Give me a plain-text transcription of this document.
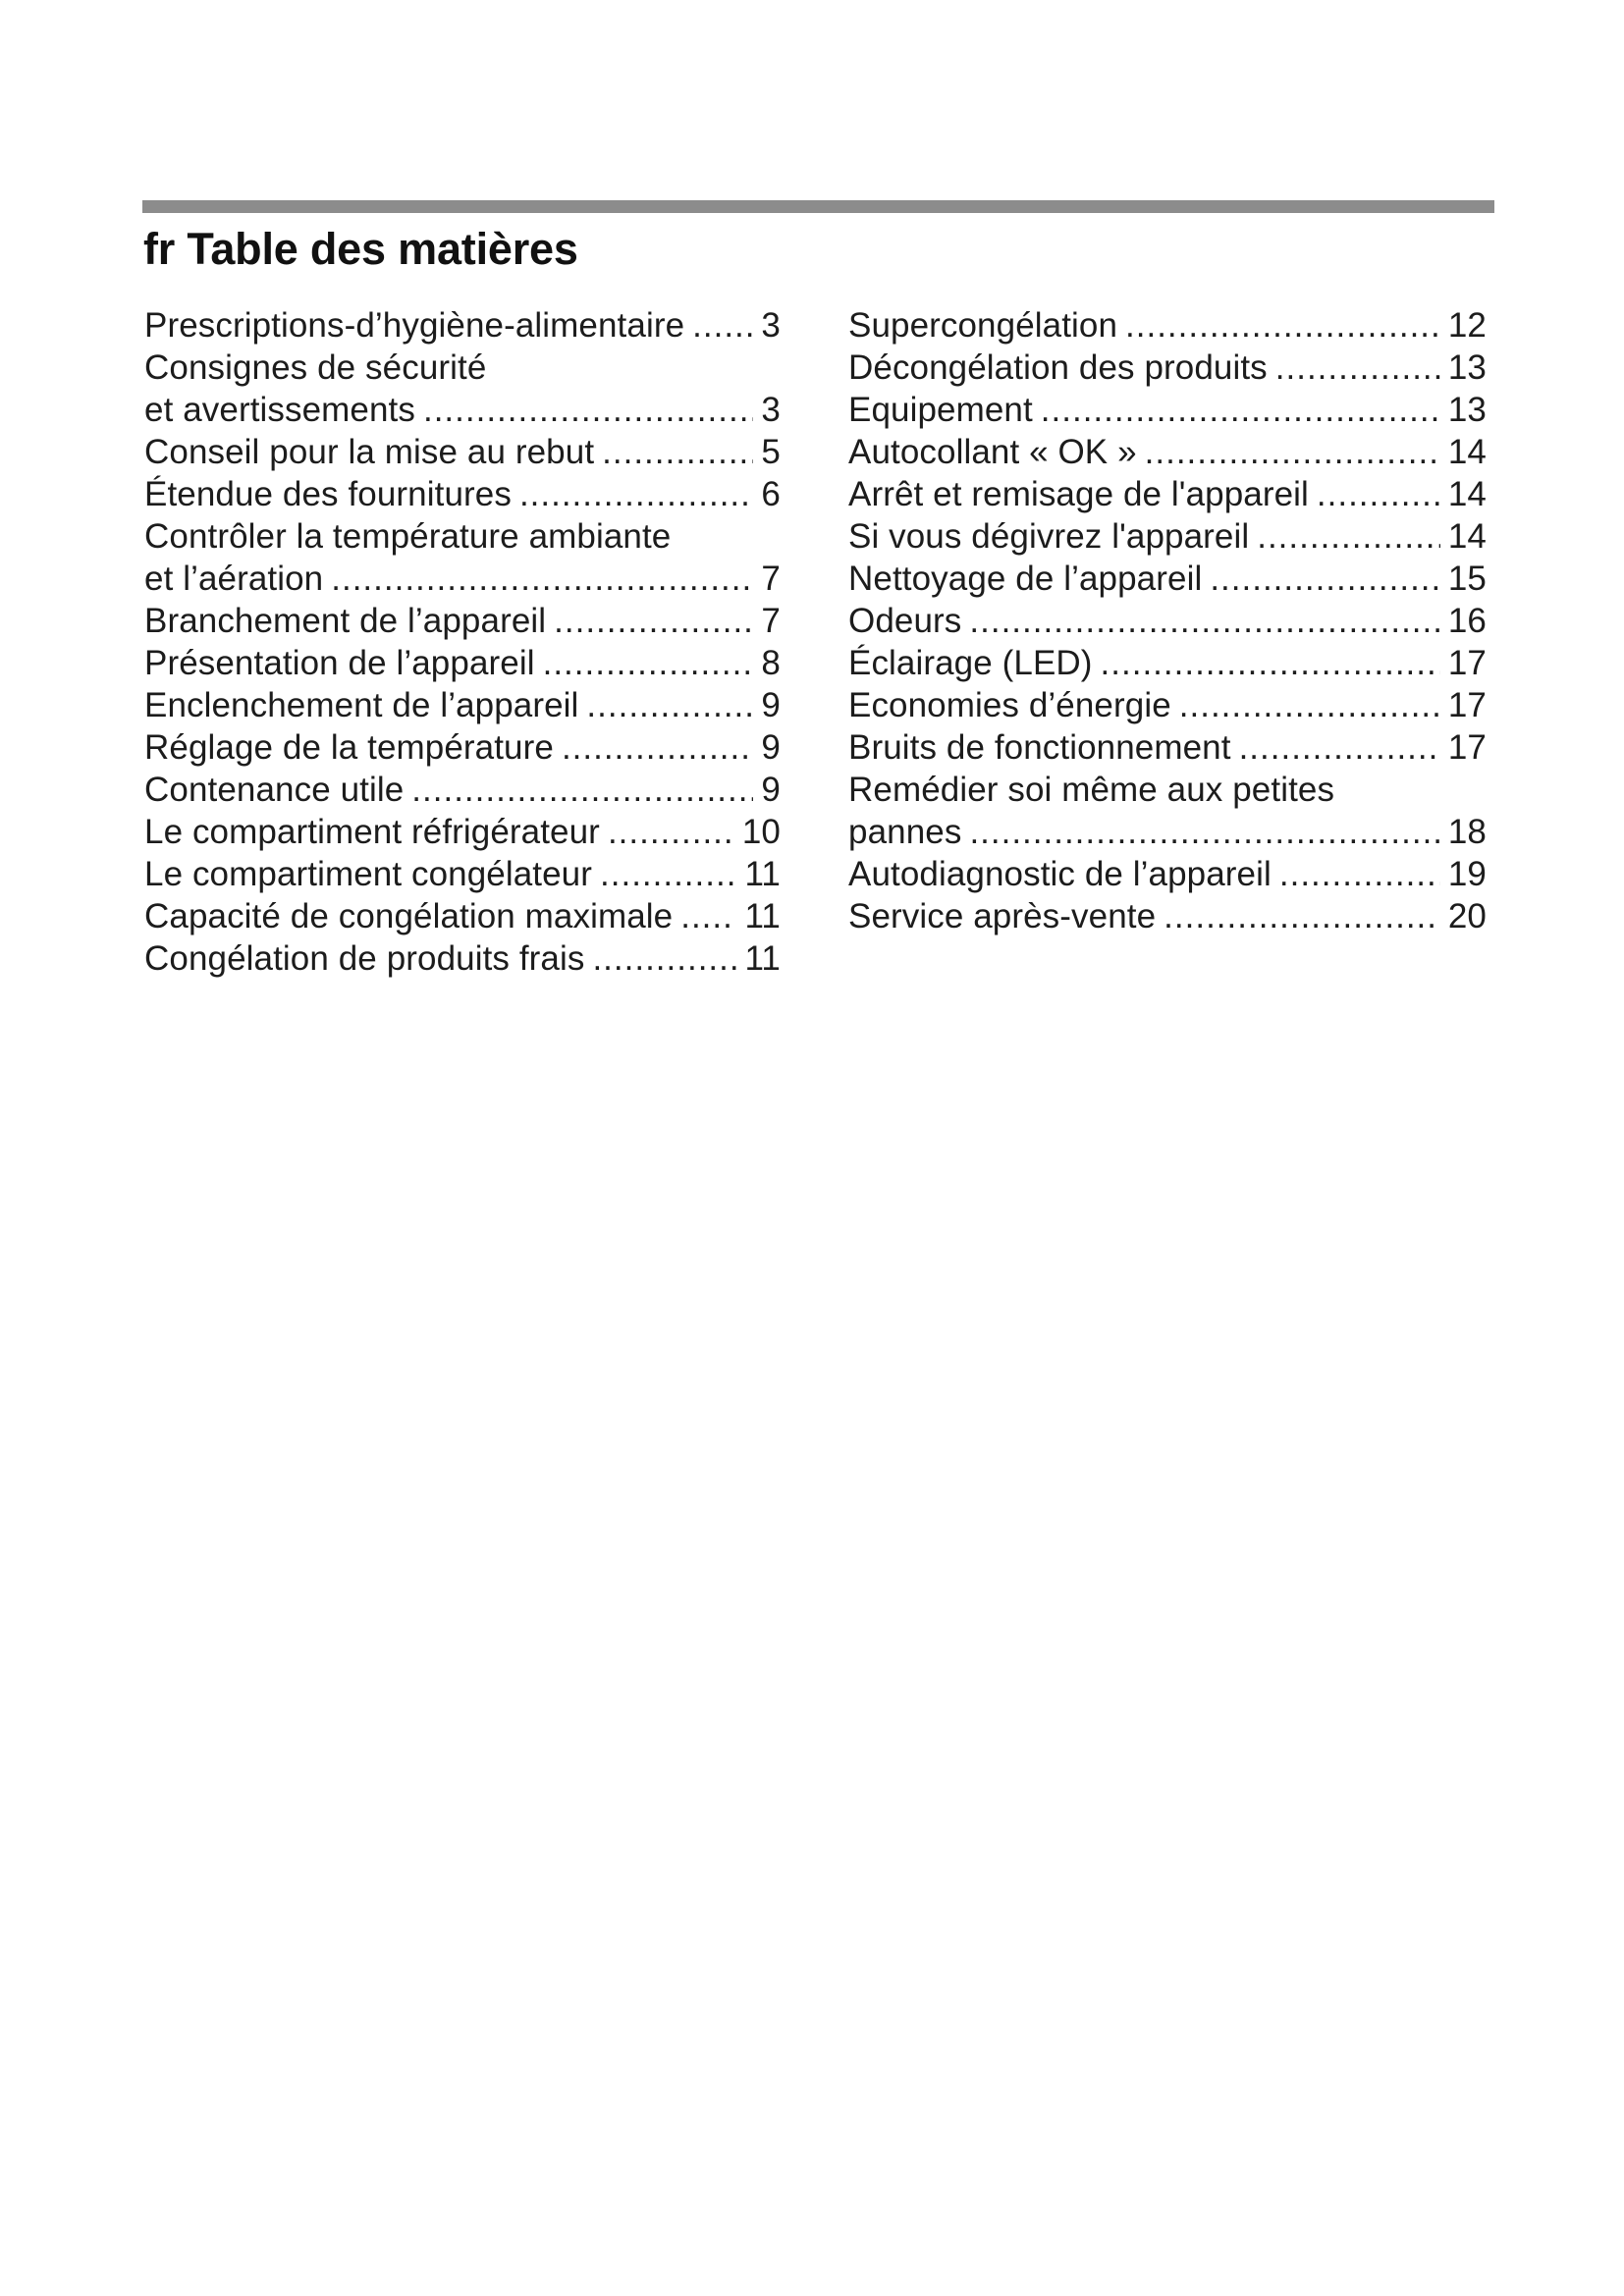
fr Table des matières
Prescriptions-d’hygiène-alimentaire ..... 3
Consignes de sécurité
et avertissements .....	3
Conseil pour la mise au rebut .....	5
Étendue des fournitures .....	6
Contrôler la température ambiante
et l’aération .....	7
Branchement de l’appareil .....	7
Présentation de l’appareil .....	8
Enclenchement de l’appareil .....	9
Réglage de la température .....	9
Contenance utile .....	9
Le compartiment réfrigérateur .....	10
Le compartiment congélateur .....	11
Capacité de congélation maximale ..... 11
Congélation de produits frais .....	11
Supercongélation .....	12
Décongélation des produits .....	13
Equipement .....	13
Autocollant « OK » .....	14
Arrêt et remisage de l'appareil .....	14
Si vous dégivrez l'appareil .....	14
Nettoyage de l’appareil .....	15
Odeurs .....	16
Éclairage (LED) .....	17
Economies d’énergie .....	17
Bruits de fonctionnement .....	17
Remédier soi même aux petites
pannes .....	18
Autodiagnostic de l’appareil .....	19
Service après-vente .....	20
